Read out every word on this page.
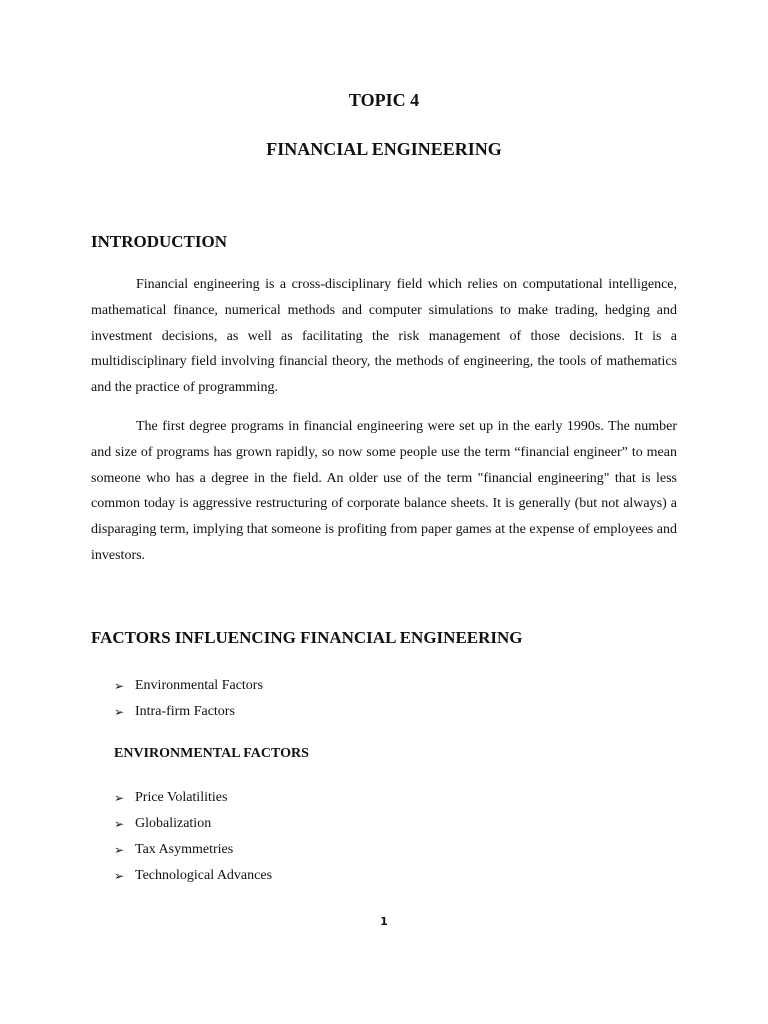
TOPIC 4
FINANCIAL ENGINEERING
INTRODUCTION

Financial engineering is a cross-disciplinary field which relies on computational intelligence, mathematical finance, numerical methods and computer simulations to make trading, hedging and investment decisions, as well as facilitating the risk management of those decisions. It is a multidisciplinary field involving financial theory, the methods of engineering, the tools of mathematics and the practice of programming.

The first degree programs in financial engineering were set up in the early 1990s. The number and size of programs has grown rapidly, so now some people use the term “financial engineer” to mean someone who has a degree in the field. An older use of the term "financial engineering" that is less common today is aggressive restructuring of corporate balance sheets. It is generally (but not always) a disparaging term, implying that someone is profiting from paper games at the expense of employees and investors.

FACTORS INFLUENCING FINANCIAL ENGINEERING
➢ Environmental Factors
➢ Intra-firm Factors
ENVIRONMENTAL FACTORS
➢ Price Volatilities
➢ Globalization
➢ Tax Asymmetries
➢ Technological Advances

1
